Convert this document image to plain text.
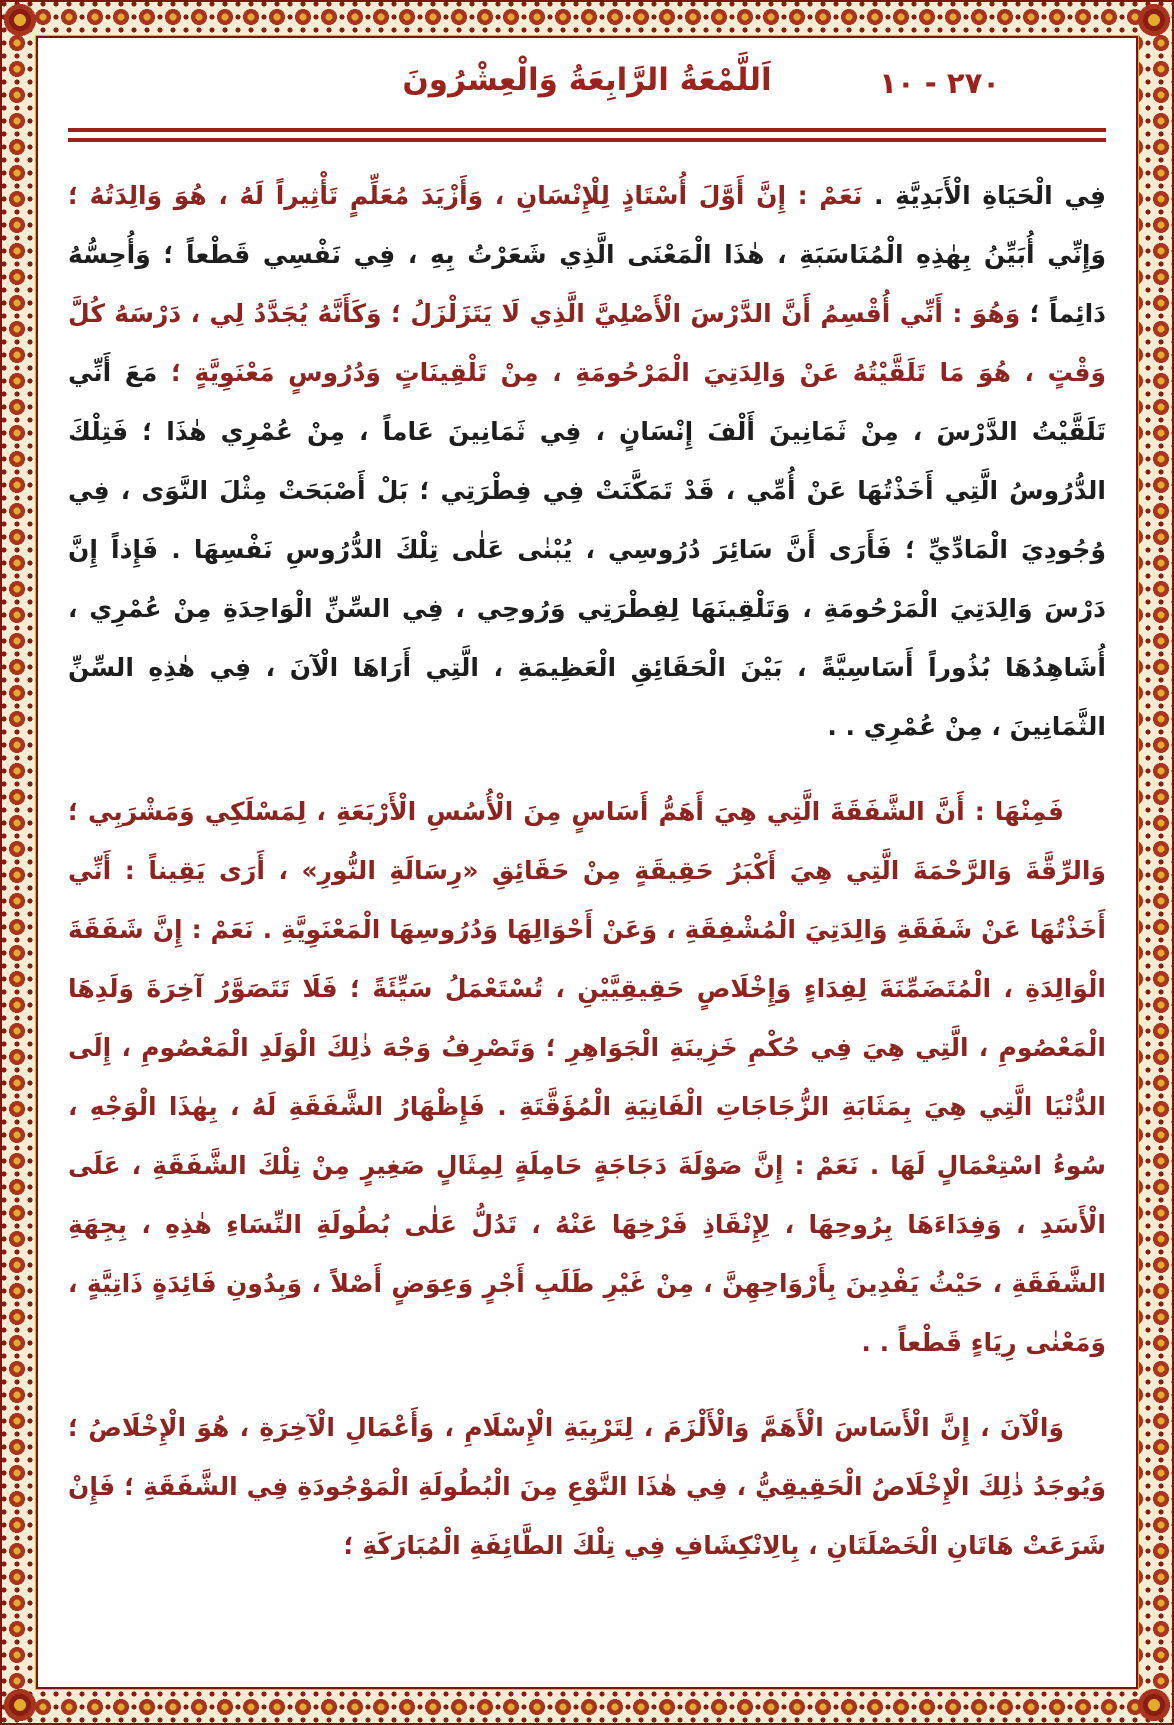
اَللَّمْعَةُ الرَّابِعَةُ وَالْعِشْرُونَ	٢٧٠ - ١٠

فِي الْحَيَاةِ الْأَبَدِيَّةِ . نَعَمْ : إِنَّ أَوَّلَ أُسْتَاذٍ لِلْإِنْسَانِ ، وَأَزْيَدَ مُعَلِّمٍ تَأْثِيراً لَهُ ، هُوَ وَالِدَتُهُ ؛ وَإِنِّي أُبَيِّنُ بِهٰذِهِ الْمُنَاسَبَةِ ، هٰذَا الْمَعْنَى الَّذِي شَعَرْتُ بِهِ ، فِي نَفْسِي قَطْعاً ؛ وَأُحِسُّهُ دَائِماً ؛ وَهُوَ : أَنِّي أُقْسِمُ أَنَّ الدَّرْسَ الْأَصْلِيَّ الَّذِي لَا يَتَزَلْزَلُ ؛ وَكَأَنَّهُ يُجَدَّدُ لِي ، دَرْسَهُ كُلَّ وَقْتٍ ، هُوَ مَا تَلَقَّيْتُهُ عَنْ وَالِدَتِيَ الْمَرْحُومَةِ ، مِنْ تَلْقِينَاتٍ وَدُرُوسٍ مَعْنَوِيَّةٍ ؛ مَعَ أَنِّي تَلَقَّيْتُ الدَّرْسَ ، مِنْ ثَمَانِينَ أَلْفَ إِنْسَانٍ ، فِي ثَمَانِينَ عَاماً ، مِنْ عُمْرِي هٰذَا ؛ فَتِلْكَ الدُّرُوسُ الَّتِي أَخَذْتُهَا عَنْ أُمِّي ، قَدْ تَمَكَّنَتْ فِي فِطْرَتِي ؛ بَلْ أَصْبَحَتْ مِثْلَ النَّوَى ، فِي وُجُودِيَ الْمَادِّيِّ ؛ فَأَرَى أَنَّ سَائِرَ دُرُوسِي ، يُبْنٰى عَلٰى تِلْكَ الدُّرُوسِ نَفْسِهَا . فَإِذاً إِنَّ دَرْسَ وَالِدَتِيَ الْمَرْحُومَةِ ، وَتَلْقِينَهَا لِفِطْرَتِي وَرُوحِي ، فِي السِّنِّ الْوَاحِدَةِ مِنْ عُمْرِي ، أُشَاهِدُهَا بُذُوراً أَسَاسِيَّةً ، بَيْنَ الْحَقَائِقِ الْعَظِيمَةِ ، الَّتِي أَرَاهَا الْآنَ ، فِي هٰذِهِ السِّنِّ الثَّمَانِينَ ، مِنْ عُمْرِي . .

فَمِنْهَا : أَنَّ الشَّفَقَةَ الَّتِي هِيَ أَهَمُّ أَسَاسٍ مِنَ الْأُسُسِ الْأَرْبَعَةِ ، لِمَسْلَكِي وَمَشْرَبِي ؛ وَالرِّقَّةَ وَالرَّحْمَةَ الَّتِي هِيَ أَكْبَرُ حَقِيقَةٍ مِنْ حَقَائِقِ «رِسَالَةِ النُّورِ» ، أَرَى يَقِيناً : أَنِّي أَخَذْتُهَا عَنْ شَفَقَةِ وَالِدَتِيَ الْمُشْفِقَةِ ، وَعَنْ أَحْوَالِهَا وَدُرُوسِهَا الْمَعْنَوِيَّةِ . نَعَمْ : إِنَّ شَفَقَةَ الْوَالِدَةِ ، الْمُتَضَمِّنَةَ لِفِدَاءٍ وَإِخْلَاصٍ حَقِيقِيَّيْنِ ، تُسْتَعْمَلُ سَيِّئَةً ؛ فَلَا تَتَصَوَّرُ آخِرَةَ وَلَدِهَا الْمَعْصُومِ ، الَّتِي هِيَ فِي حُكْمِ خَزِينَةِ الْجَوَاهِرِ ؛ وَتَصْرِفُ وَجْهَ ذٰلِكَ الْوَلَدِ الْمَعْصُومِ ، إِلَى الدُّنْيَا الَّتِي هِيَ بِمَثَابَةِ الزُّجَاجَاتِ الْفَانِيَةِ الْمُؤَقَّتَةِ . فَإِظْهَارُ الشَّفَقَةِ لَهُ ، بِهٰذَا الْوَجْهِ ، سُوءُ اسْتِعْمَالٍ لَهَا . نَعَمْ : إِنَّ صَوْلَةَ دَجَاجَةٍ حَامِلَةٍ لِمِثَالٍ صَغِيرٍ مِنْ تِلْكَ الشَّفَقَةِ ، عَلَى الْأَسَدِ ، وَفِدَاءَهَا بِرُوحِهَا ، لِإِنْقَاذِ فَرْخِهَا عَنْهُ ، تَدُلُّ عَلٰى بُطُولَةِ النِّسَاءِ هٰذِهِ ، بِجِهَةِ الشَّفَقَةِ ، حَيْثُ يَفْدِينَ بِأَرْوَاحِهِنَّ ، مِنْ غَيْرِ طَلَبِ أَجْرٍ وَعِوَضٍ أَصْلاً ، وَبِدُونِ فَائِدَةٍ ذَاتِيَّةٍ ، وَمَعْنٰى رِيَاءٍ قَطْعاً . .

وَالْآنَ ، إِنَّ الْأَسَاسَ الْأَهَمَّ وَالْأَلْزَمَ ، لِتَرْبِيَةِ الْإِسْلَامِ ، وَأَعْمَالِ الْآخِرَةِ ، هُوَ الْإِخْلَاصُ ؛ وَيُوجَدُ ذٰلِكَ الْإِخْلَاصُ الْحَقِيقِيُّ ، فِي هٰذَا النَّوْعِ مِنَ الْبُطُولَةِ الْمَوْجُودَةِ فِي الشَّفَقَةِ ؛ فَإِنْ شَرَعَتْ هَاتَانِ الْخَصْلَتَانِ ، بِالِانْكِشَافِ فِي تِلْكَ الطَّائِفَةِ الْمُبَارَكَةِ ؛
